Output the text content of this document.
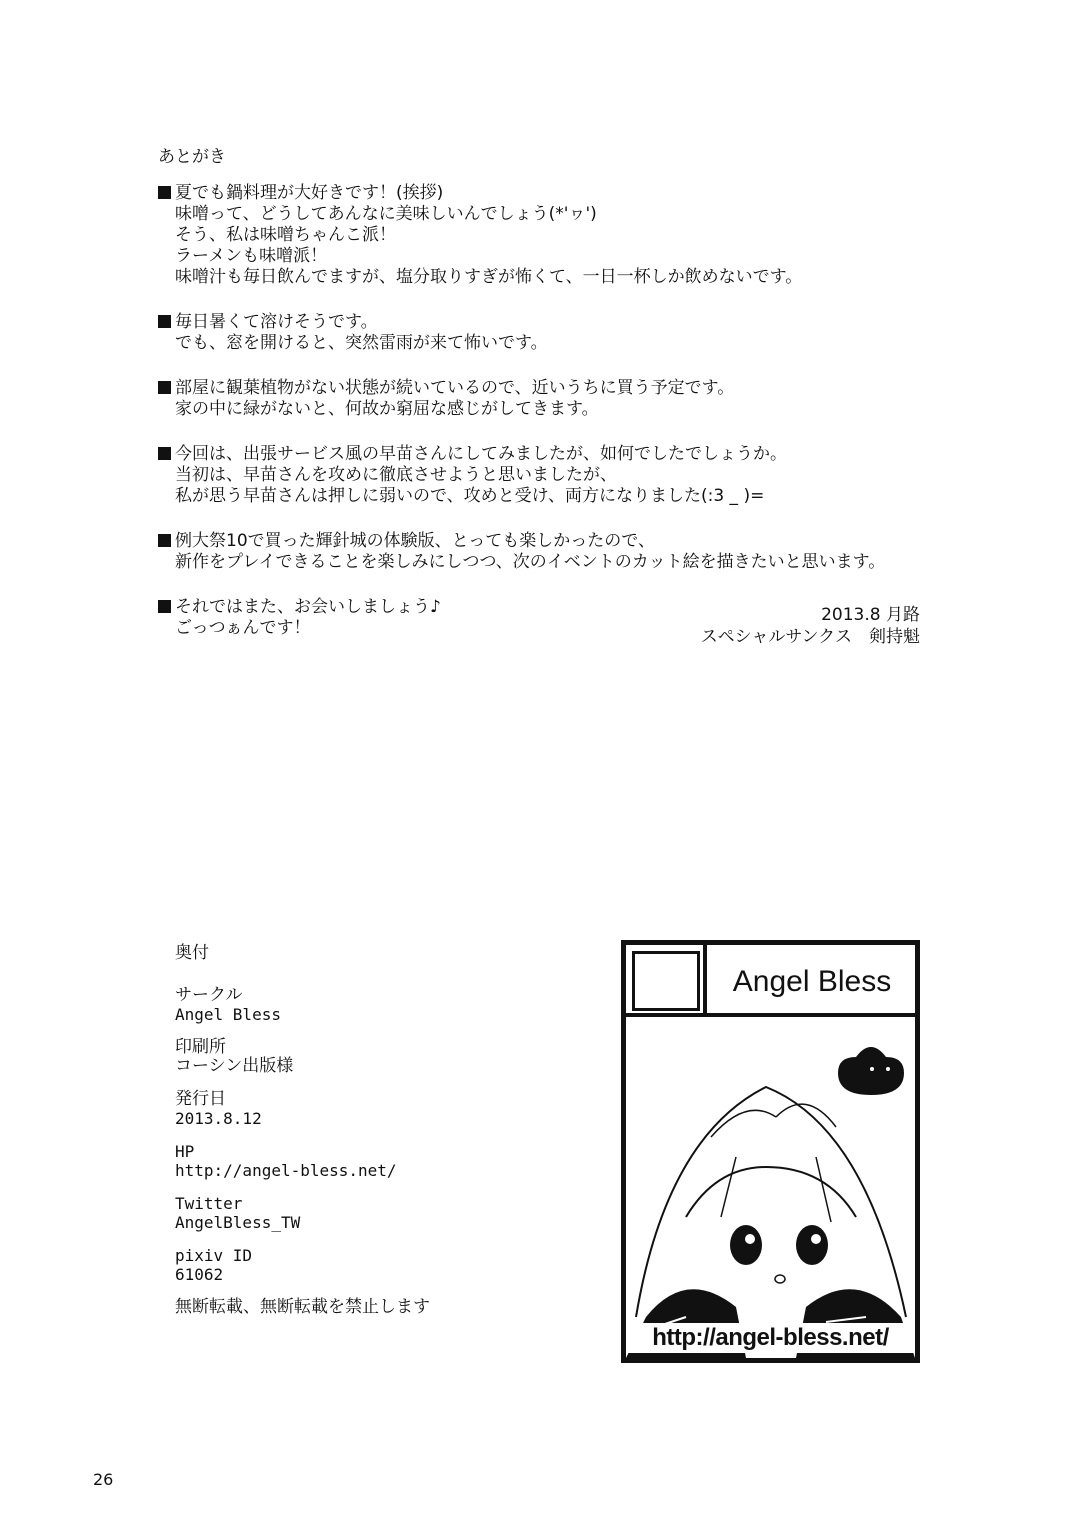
あとがき
夏でも鍋料理が大好きです！(挨拶)
味噌って、どうしてあんなに美味しいんでしょう(*'ヮ')
そう、私は味噌ちゃんこ派！
ラーメンも味噌派！
味噌汁も毎日飲んでますが、塩分取りすぎが怖くて、一日一杯しか飲めないです。
毎日暑くて溶けそうです。
でも、窓を開けると、突然雷雨が来て怖いです。
部屋に観葉植物がない状態が続いているので、近いうちに買う予定です。
家の中に緑がないと、何故か窮屈な感じがしてきます。
今回は、出張サービス風の早苗さんにしてみましたが、如何でしたでしょうか。
当初は、早苗さんを攻めに徹底させようと思いましたが、
私が思う早苗さんは押しに弱いので、攻めと受け、両方になりました(:3 _ )=
例大祭10で買った輝針城の体験版、とっても楽しかったので、
新作をプレイできることを楽しみにしつつ、次のイベントのカット絵を描きたいと思います。
それではまた、お会いしましょう♪
ごっつぁんです！
2013.8 月路
スペシャルサンクス　剣持魁
奥付
サークル
Angel Bless
印刷所
コーシン出版様
発行日
2013.8.12
HP
http://angel-bless.net/
Twitter
AngelBless_TW
pixiv ID
61062
無断転載、無断転載を禁止します
Angel Bless
http://angel-bless.net/
26
